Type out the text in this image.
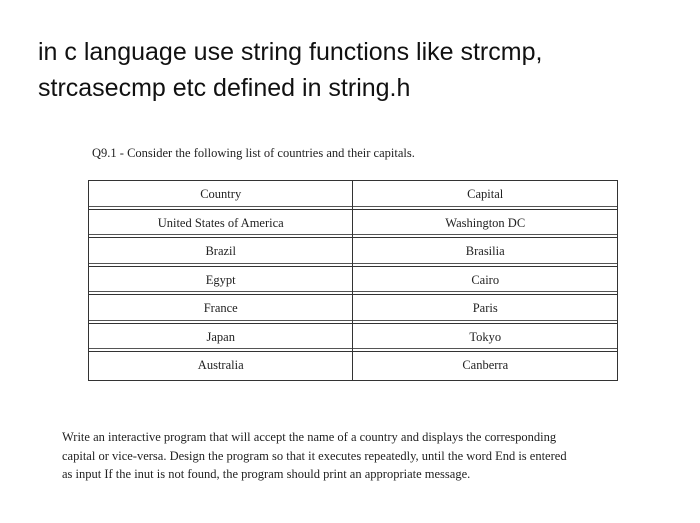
in c language use string functions like strcmp,
strcasecmp etc defined in string.h

Q9.1 - Consider the following list of countries and their capitals.

Country	Capital
United States of America	Washington DC
Brazil	Brasilia
Egypt	Cairo
France	Paris
Japan	Tokyo
Australia	Canberra

Write an interactive program that will accept the name of a country and displays the corresponding
capital or vice-versa. Design the program so that it executes repeatedly, until the word End is entered
as input If the inut is not found, the program should print an appropriate message.
